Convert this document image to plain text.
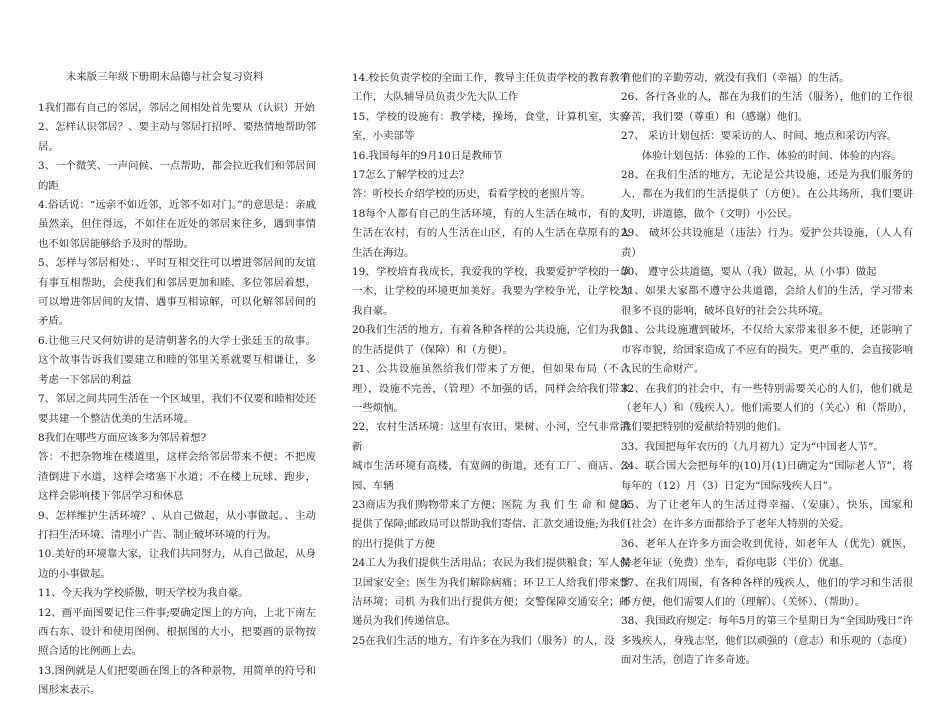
未来版三年级下册期末品德与社会复习资料

1我们都有自己的邻居，邻居之间相处首先要从（认识）开始

2、怎样认识邻居？、要主动与邻居打招呼、要热情地帮助邻居。

3、一个微笑、一声问候、一点帮助，都会拉近我们和邻居间的距

4.俗话说：“远亲不如近邻，近邻不如对门。”的意思是：亲戚虽然亲，但住得远，不如住在近处的邻居来往多，遇到事情也不如邻居能够给予及时的帮助。

5、怎样与邻居相处：、平时互相交往可以增进邻居间的友谊有事互相帮助，会使我们和邻居更加和睦、多位邻居着想，可以增进邻居间的友情、遇事互相谅解，可以化解邻居间的矛盾。

6.让他三尺又何妨讲的是清朝著名的大学士张廷玉的故事。这个故事告诉我们要建立和睦的邻里关系就要互相谦让，多考虑一下邻居的利益

7、邻居之间共同生活在一个区域里，我们不仅要和睦相处还要共建一个整洁优美的生活环境。

8我们在哪些方面应该多为邻居着想?

答：不把杂物堆在楼道里，这样会给邻居带来不便；不把废渣倒进下水道，这样会堵塞下水道；不在楼上玩球、跑步，这样会影响楼下邻居学习和休息

9、怎样维护生活环境？、从自己做起，从小事做起。、主动打扫生活环境、清理小广告、制止破坏环境的行为。

10.美好的环境靠大家，让我们共同努力，从自己做起，从身边的小事做起。

11、今天我为学校骄傲，明天学校为我自豪。

12、画平面图要记住三件事;要确定图上的方向，上北下南左西右东、设计和使用图例、根据图的大小，把要画的景物按照合适的比例画上去。

13.图例就是人们把要画在图上的各种景物，用简单的符号和图形来表示。

14.校长负责学校的全面工作，教导主任负责学校的教育教学工作，大队辅导员负责少先大队工作

15、学校的设施有：教学楼，操场，食堂，计算机室，实验室，小卖部等

16.我国每年的9月10日是教师节

17怎么了解学校的过去？

答：听校长介绍学校的历史，看看学校的老照片等。

18每个人都有自己的生活环境，有的人生活在城市，有的人生活在农村，有的人生活在山区，有的人生活在草原有的人生活在海边。

19、学校培育我成长，我爱我的学校，我要爱护学校的一草一木，让学校的环境更加美好。我要为学校争光，让学校为我自豪。

20我们生活的地方，有着各种各样的公共设施，它们为我们的生活提供了（保障）和（方便）。

21、公共设施虽然给我们带来了方便，但如果布局（不合理），设施不完善，（管理）不加强的话，同样会给我们带来一些烦恼。

22，农村生活环境：这里有农田、果树、小河，空气非常清新

城市生活环境有高楼，有宽阔的街道，还有工厂、商店、公园、车辆

23商店为我们购物带来了方便；医院 为 我 们 生 命 和 健康提供了保障;邮政局可以帮助我们寄信、汇款交通设施;为我们的出行提供了方便

24工人为我们提供生活用品；农民为我们提供粮食；军人保卫国家安全；医生为我们解除病痛；环卫工人给我们带来整洁环境；司机 为我们出行提供方便；交警保障交通安全；邮递员为我们传递信息。

25在我们生活的地方，有许多在为我们（服务）的人，没

有他们的辛勤劳动，就没有我们（幸福）的生活。

26、各行各业的人，都在为我们的生活（服务），他们的工作很辛苦，我们要（尊重）和（感谢）他们。

27、 采访计划包括：要采访的人、时间、地点和采访内容。

　　体验计划包括：体验的工作、体验的时间、体验的内容。

28、在我们生活的地方，无论是公共设施，还是为我们服务的人，都在为我们的生活提供了（方便）。在公共场所，我们要讲文明，讲道德，做个（文明）小公民。

29、 破坏公共设施是（违法）行为。爱护公共设施，（人人有责）

30、 遵守公共道德，要从（我）做起，从（小事）做起

31、如果大家都不遵守公共道德，会给人们的生活，学习带来很多不良的影响，破坏良好的社会公共环境。

31、公共设施遭到破坏，不仅给大家带来很多不便，还影响了市容市貌，给国家造成了不应有的损失。更严重的，会直接影响人民的生命财产。

32、在我们的社会中，有一些特别需要关心的人们，他们就是（老年人）和（残疾人）。他们需要人们的（关心）和（帮助），我们要把特别的爱献给特别的他们。

33、我国把每年农历的（九月初九）定为“中国老人节”。

34、联合国大会把每年的(10)月(1)日确定为“国际老人节”，将每年的（12）月（3）日定为“国际残疾人日”。

35、为了让老年人的生活过得幸福、（安康）、快乐，国家和（社会）在许多方面都给予了老年人特别的关爱。

36、老年人在许多方面会收到优待，如老年人（优先）就医，持老年证（免费）坐车，看你电影（半价）优惠。

37、在我们周围，有各种各样的残疾人，他们的学习和生活很不方便，他们需要人们的（理解）、（关怀）、（帮助）。

38、我国政府规定：每年5月的第三个星期日为“全国助残日”许多残疾人，身残志坚，他们以顽强的（意志）和乐观的（态度）面对生活，创造了许多奇迹。
